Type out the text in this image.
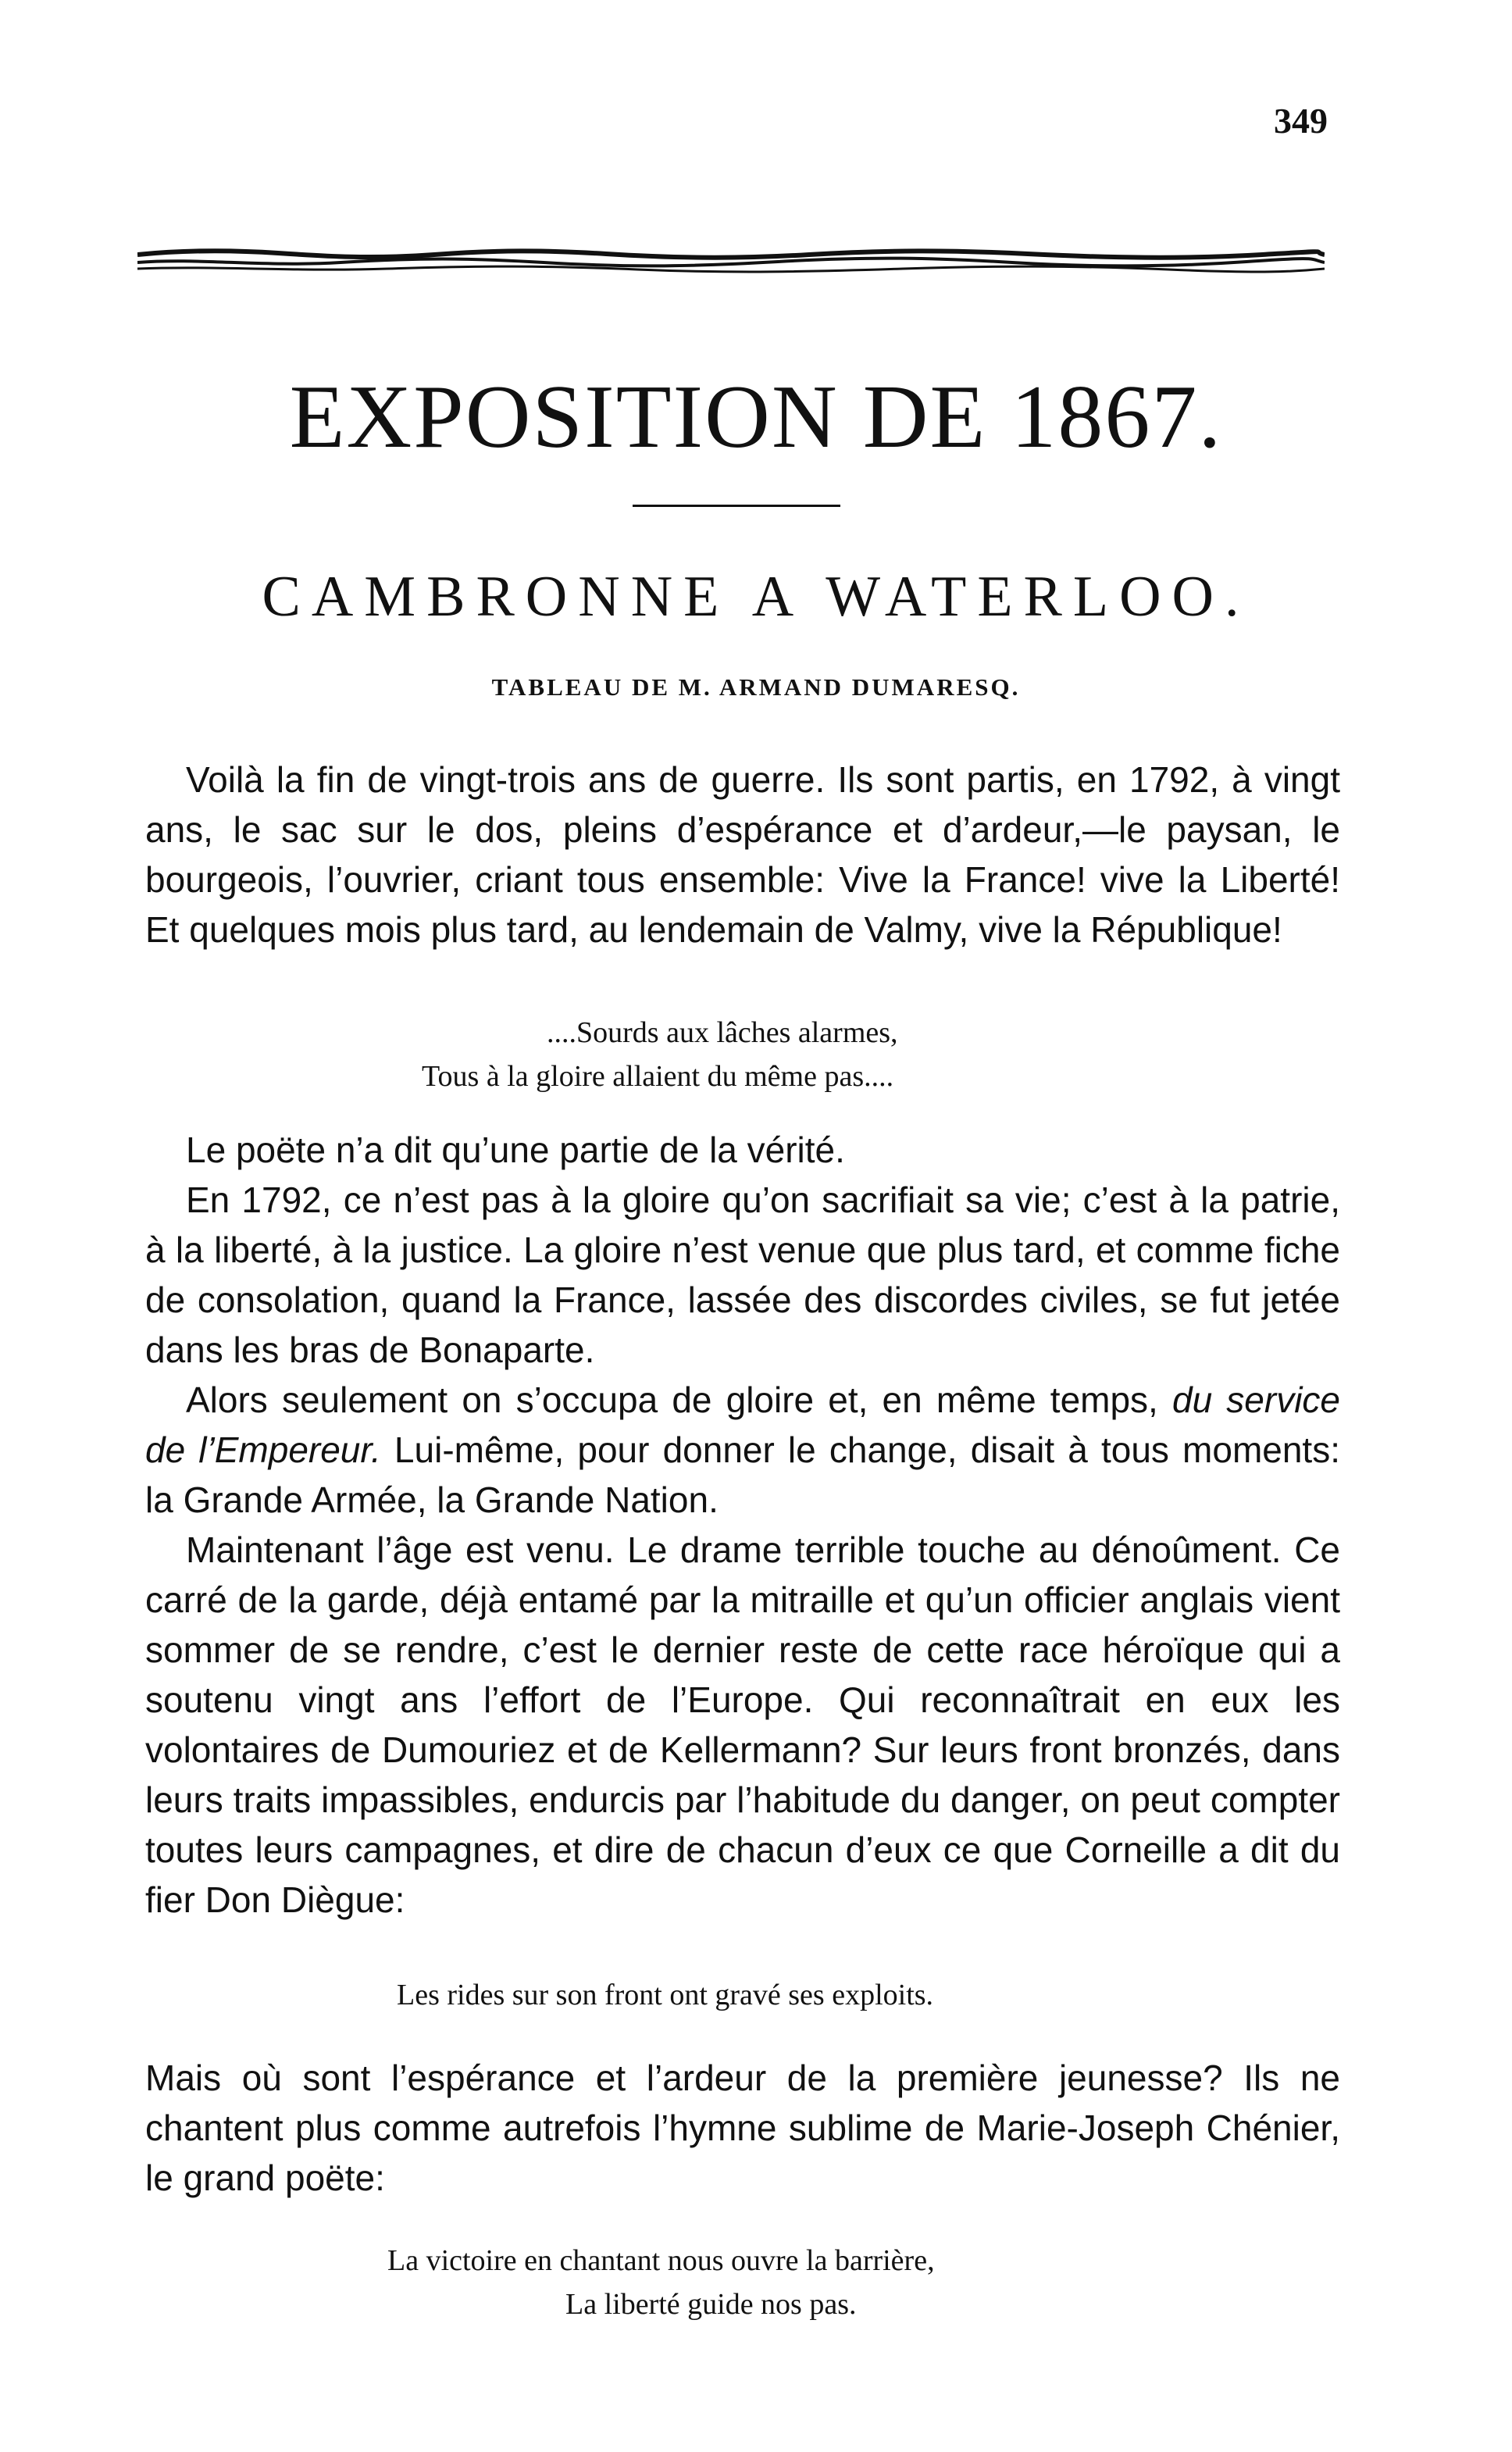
349
EXPOSITION DE 1867.
CAMBRONNE A WATERLOO.
TABLEAU DE M. ARMAND DUMARESQ.

Voilà la fin de vingt-trois ans de guerre. Ils sont partis, en 1792, à vingt ans, le sac sur le dos, pleins d’espérance et d’ardeur,—le paysan, le bourgeois, l’ouvrier, criant tous ensemble: Vive la France! vive la Liberté! Et quelques mois plus tard, au lendemain de Valmy, vive la République!

....Sourds aux lâches alarmes,
Tous à la gloire allaient du même pas....

Le poëte n’a dit qu’une partie de la vérité.

En 1792, ce n’est pas à la gloire qu’on sacrifiait sa vie; c’est à la patrie, à la liberté, à la justice. La gloire n’est venue que plus tard, et comme fiche de consolation, quand la France, lassée des discordes civiles, se fut jetée dans les bras de Bonaparte.

Alors seulement on s’occupa de gloire et, en même temps, du service de l’Empereur. Lui-même, pour donner le change, disait à tous moments: la Grande Armée, la Grande Nation.

Maintenant l’âge est venu. Le drame terrible touche au dénoûment. Ce carré de la garde, déjà entamé par la mitraille et qu’un officier anglais vient sommer de se rendre, c’est le dernier reste de cette race héroïque qui a soutenu vingt ans l’effort de l’Europe. Qui reconnaîtrait en eux les volontaires de Dumouriez et de Kellermann? Sur leurs front bronzés, dans leurs traits impassibles, endurcis par l’habitude du danger, on peut compter toutes leurs campagnes, et dire de chacun d’eux ce que Corneille a dit du fier Don Diègue:

Les rides sur son front ont gravé ses exploits.

Mais où sont l’espérance et l’ardeur de la première jeunesse? Ils ne chantent plus comme autrefois l’hymne sublime de Marie-Joseph Chénier, le grand poëte:

La victoire en chantant nous ouvre la barrière,
La liberté guide nos pas.
